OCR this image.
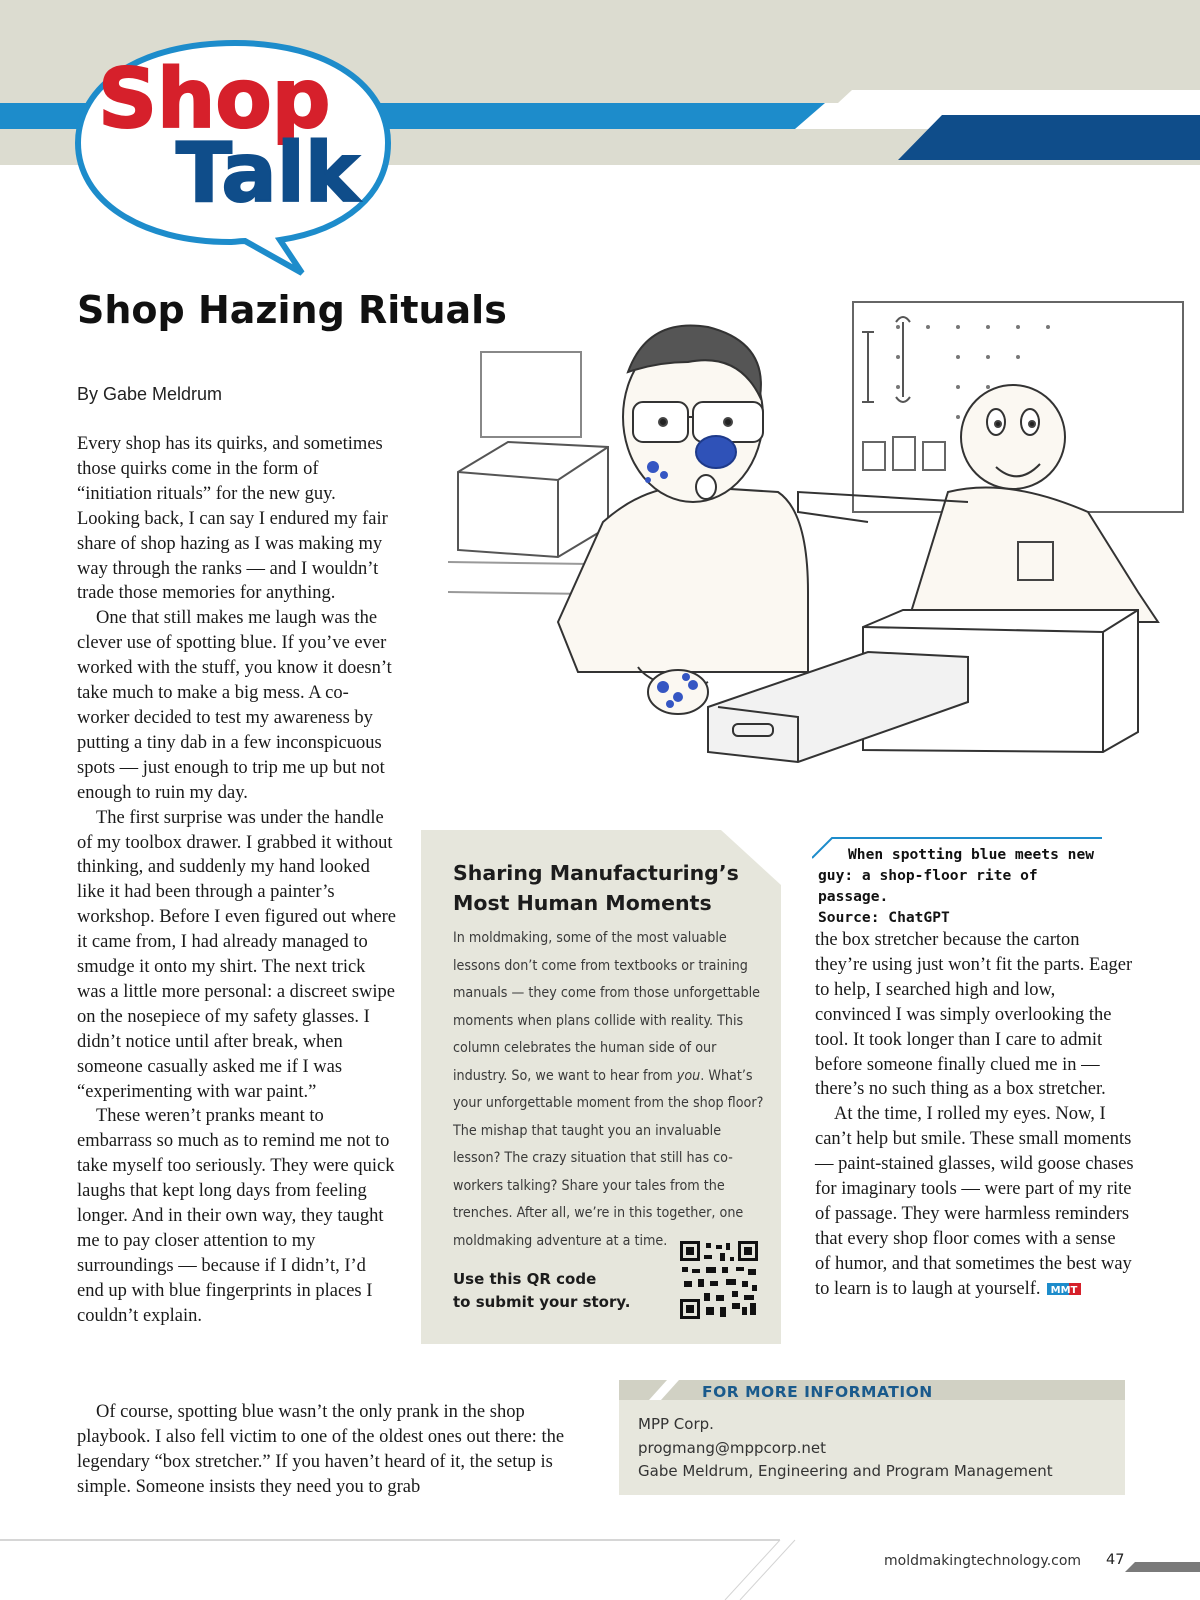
Shop
Talk
Shop Hazing Rituals
By Gabe Meldrum

Every shop has its quirks, and sometimes those quirks come in the form of “initiation rituals” for the new guy. Looking back, I can say I endured my fair share of shop hazing as I was making my way through the ranks — and I wouldn’t trade those memories for anything.

One that still makes me laugh was the clever use of spotting blue. If you’ve ever worked with the stuff, you know it doesn’t take much to make a big mess. A co-worker decided to test my awareness by putting a tiny dab in a few inconspicuous spots — just enough to trip me up but not enough to ruin my day.

The first surprise was under the handle of my toolbox drawer. I grabbed it without thinking, and suddenly my hand looked like it had been through a painter’s workshop. Before I even figured out where it came from, I had already managed to smudge it onto my shirt. The next trick was a little more personal: a discreet swipe on the nosepiece of my safety glasses. I didn’t notice until after break, when someone casually asked me if I was “experimenting with war paint.”

These weren’t pranks meant to embarrass so much as to remind me not to take myself too seriously. They were quick laughs that kept long days from feeling longer. And in their own way, they taught me to pay closer attention to my surroundings — because if I didn’t, I’d end up with blue fingerprints in places I couldn’t explain.

Of course, spotting blue wasn’t the only prank in the shop playbook. I also fell victim to one of the oldest ones out there: the legendary “box stretcher.” If you haven’t heard of it, the setup is simple. Someone insists they need you to grab

Sharing Manufacturing’s
Most Human Moments

In moldmaking, some of the most valuable lessons don’t come from textbooks or training manuals — they come from those unforgettable moments when plans collide with reality. This column celebrates the human side of our industry. So, we want to hear from you. What’s your unforgettable moment from the shop floor? The mishap that taught you an invaluable lesson? The crazy situation that still has co-workers talking? Share your tales from the trenches. After all, we’re in this together, one moldmaking adventure at a time.

Use this QR code
to submit your story.
When spotting blue meets new
guy: a shop-floor rite of passage.
Source: ChatGPT

the box stretcher because the carton they’re using just won’t fit the parts. Eager to help, I searched high and low, convinced I was simply overlooking the tool. It took longer than I care to admit before someone finally clued me in — there’s no such thing as a box stretcher.

At the time, I rolled my eyes. Now, I can’t help but smile. These small moments — paint-stained glasses, wild goose chases for imaginary tools — were part of my rite of passage. They were harmless reminders that every shop floor comes with a sense of humor, and that sometimes the best way to learn is to laugh at yourself. MMT

FOR MORE INFORMATION
MPP Corp.
progmang@mppcorp.net
Gabe Meldrum, Engineering and Program Management
moldmakingtechnology.com 47
